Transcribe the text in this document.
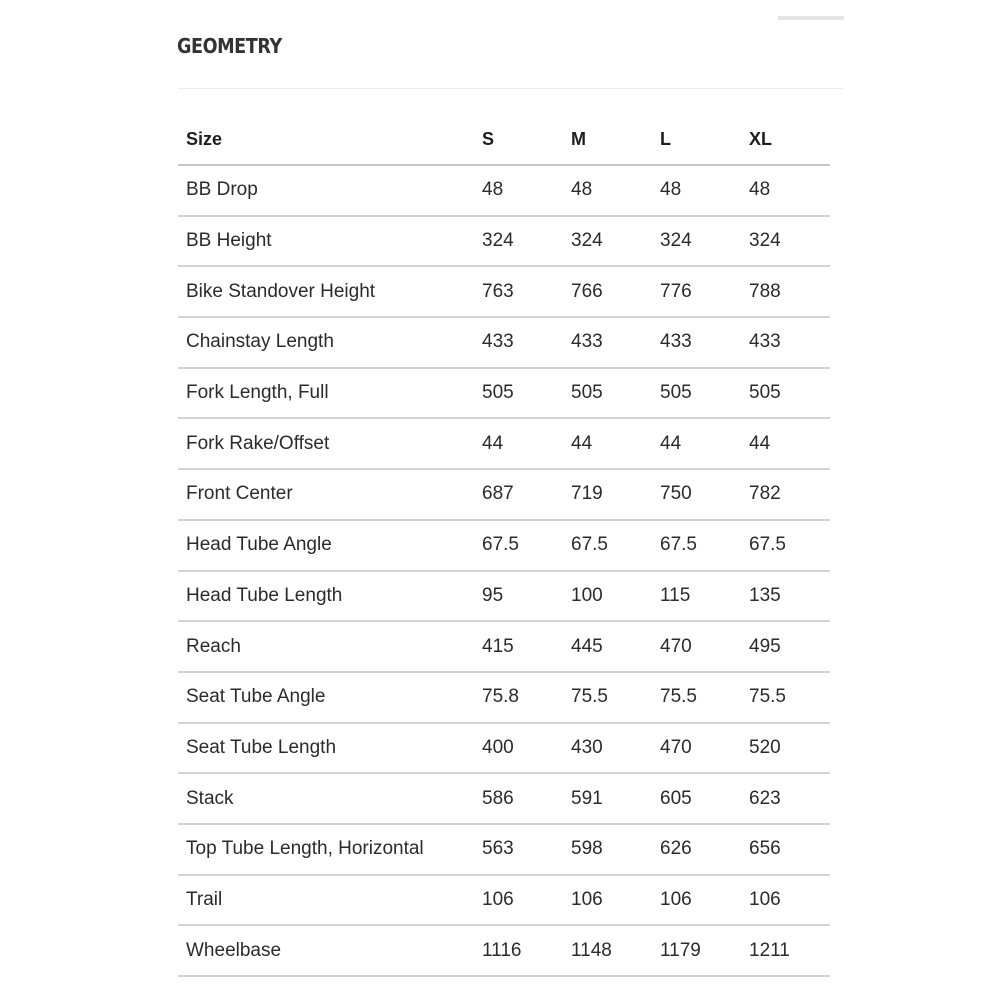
GEOMETRY
Size	S	M	L	XL
BB Drop	48	48	48	48
BB Height	324	324	324	324
Bike Standover Height	763	766	776	788
Chainstay Length	433	433	433	433
Fork Length, Full	505	505	505	505
Fork Rake/Offset	44	44	44	44
Front Center	687	719	750	782
Head Tube Angle	67.5	67.5	67.5	67.5
Head Tube Length	95	100	115	135
Reach	415	445	470	495
Seat Tube Angle	75.8	75.5	75.5	75.5
Seat Tube Length	400	430	470	520
Stack	586	591	605	623
Top Tube Length, Horizontal	563	598	626	656
Trail	106	106	106	106
Wheelbase	1116	1148	1179	1211
